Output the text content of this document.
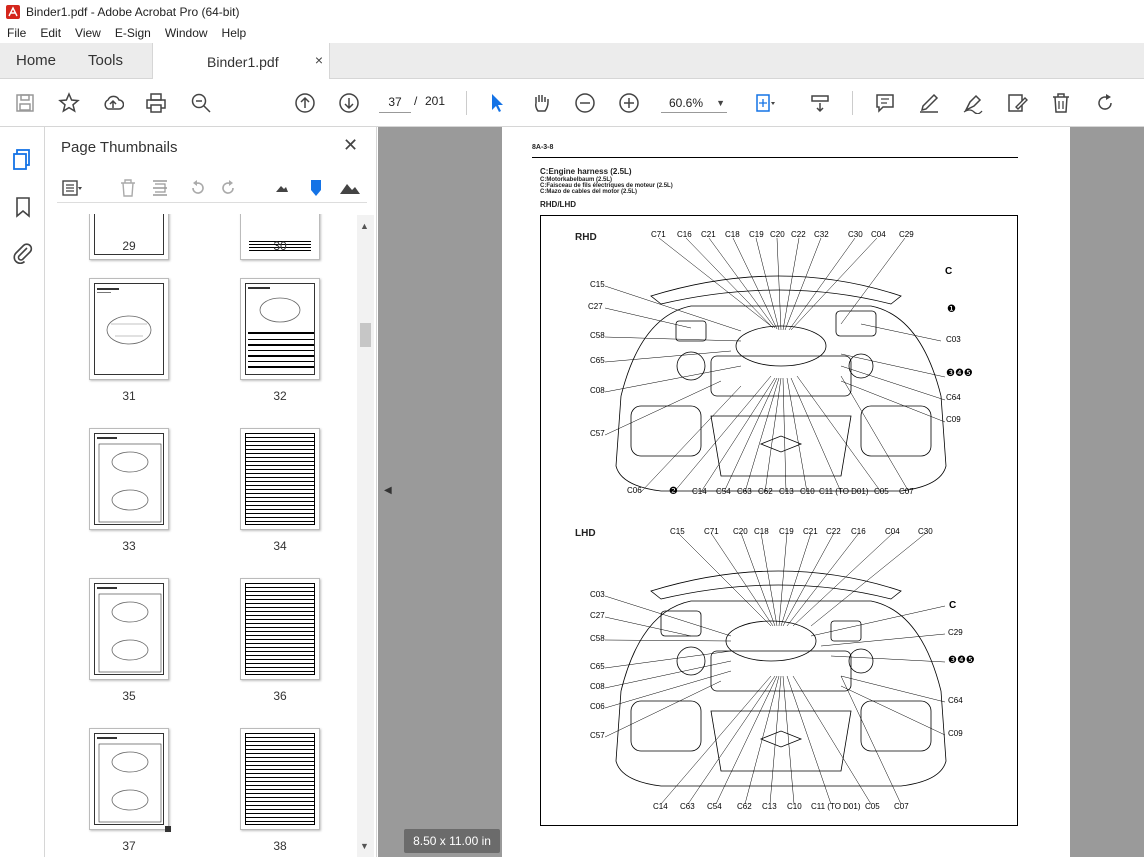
Binder1.pdf - Adobe Acrobat Pro (64-bit)
File	Edit	View	E-Sign	Window	Help
Home Tools	Binder1.pdf	×
37	/ 201	60.6% ▼
Page Thumbnails	✕
29	30
31	32
33	34
35	36
37	38
▲
▼
◀
8A-3-8
C:Engine harness (2.5L)
C:Motorkabelbaum (2.5L)
C:Faisceau de fils électriques de moteur (2.5L)
C:Mazo de cables del motor (2.5L)
RHD/LHD
RHD	C71 C16 C21 C18 C19 C20 C22 C32 C30 C04 C29
C15
C27
C58
C65
C08
C57
C06
C
❶
C03
❸❹❺
C64
C09
❷ C14 C54 C63 C62 C13 C10 C11 (TO D01) C05 C07
LHD	C15 C71 C20 C18 C19 C21 C22 C16 C04 C30
C03
C27
C58
C65
C08
C06
C57
C
C29
❸❹❺
C64
C09
C14 C63 C54 C62 C13 C10 C11 (TO D01) C05 C07
8.50 x 11.00 in
